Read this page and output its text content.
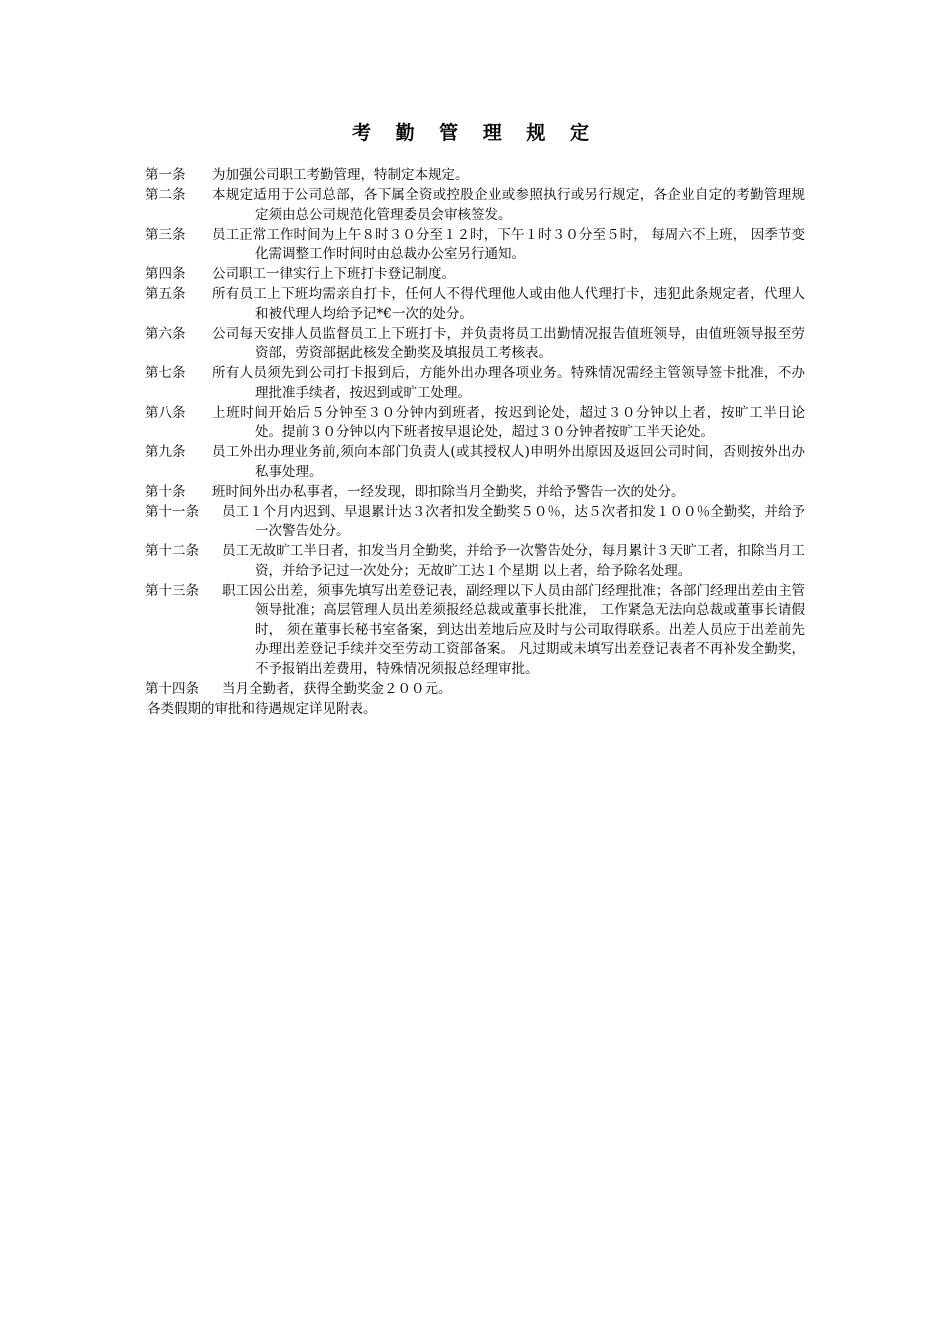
考 勤 管 理 规 定
第一条 为加强公司职工考勤管理，特制定本规定。
第二条 本规定适用于公司总部，各下属全资或控股企业或参照执行或另行规定，各企业自定的考勤管理规定须由总公司规范化管理委员会审核签发。
第三条 员工正常工作时间为上午８时３０分至１２时，下午１时３０分至５时， 每周六不上班， 因季节变化需调整工作时间时由总裁办公室另行通知。
第四条 公司职工一律实行上下班打卡登记制度。
第五条 所有员工上下班均需亲自打卡，任何人不得代理他人或由他人代理打卡，违犯此条规定者，代理人和被代理人均给予记*€一次的处分。
第六条 公司每天安排人员监督员工上下班打卡，并负责将员工出勤情况报告值班领导，由值班领导报至劳资部，劳资部据此核发全勤奖及填报员工考核表。
第七条 所有人员须先到公司打卡报到后，方能外出办理各项业务。特殊情况需经主管领导签卡批准，不办理批准手续者，按迟到或旷工处理。
第八条 上班时间开始后５分钟至３０分钟内到班者，按迟到论处，超过３０分钟以上者，按旷工半日论处。提前３０分钟以内下班者按早退论处，超过３０分钟者按旷工半天论处。
第九条 员工外出办理业务前,须向本部门负责人(或其授权人)申明外出原因及返回公司时间，否则按外出办私事处理。
第十条 班时间外出办私事者，一经发现，即扣除当月全勤奖，并给予警告一次的处分。
第十一条 员工１个月内迟到、早退累计达３次者扣发全勤奖５０％，达５次者扣发１００％全勤奖，并给予一次警告处分。
第十二条 员工无故旷工半日者，扣发当月全勤奖，并给予一次警告处分，每月累计３天旷工者，扣除当月工资，并给予记过一次处分；无故旷工达１个星期 以上者，给予除名处理。
第十三条 职工因公出差，须事先填写出差登记表，副经理以下人员由部门经理批准；各部门经理出差由主管领导批准；高层管理人员出差须报经总裁或董事长批准， 工作紧急无法向总裁或董事长请假时， 须在董事长秘书室备案，到达出差地后应及时与公司取得联系。出差人员应于出差前先办理出差登记手续并交至劳动工资部备案。 凡过期或未填写出差登记表者不再补发全勤奖，不予报销出差费用，特殊情况须报总经理审批。
第十四条 当月全勤者，获得全勤奖金２００元。
各类假期的审批和待遇规定详见附表。
